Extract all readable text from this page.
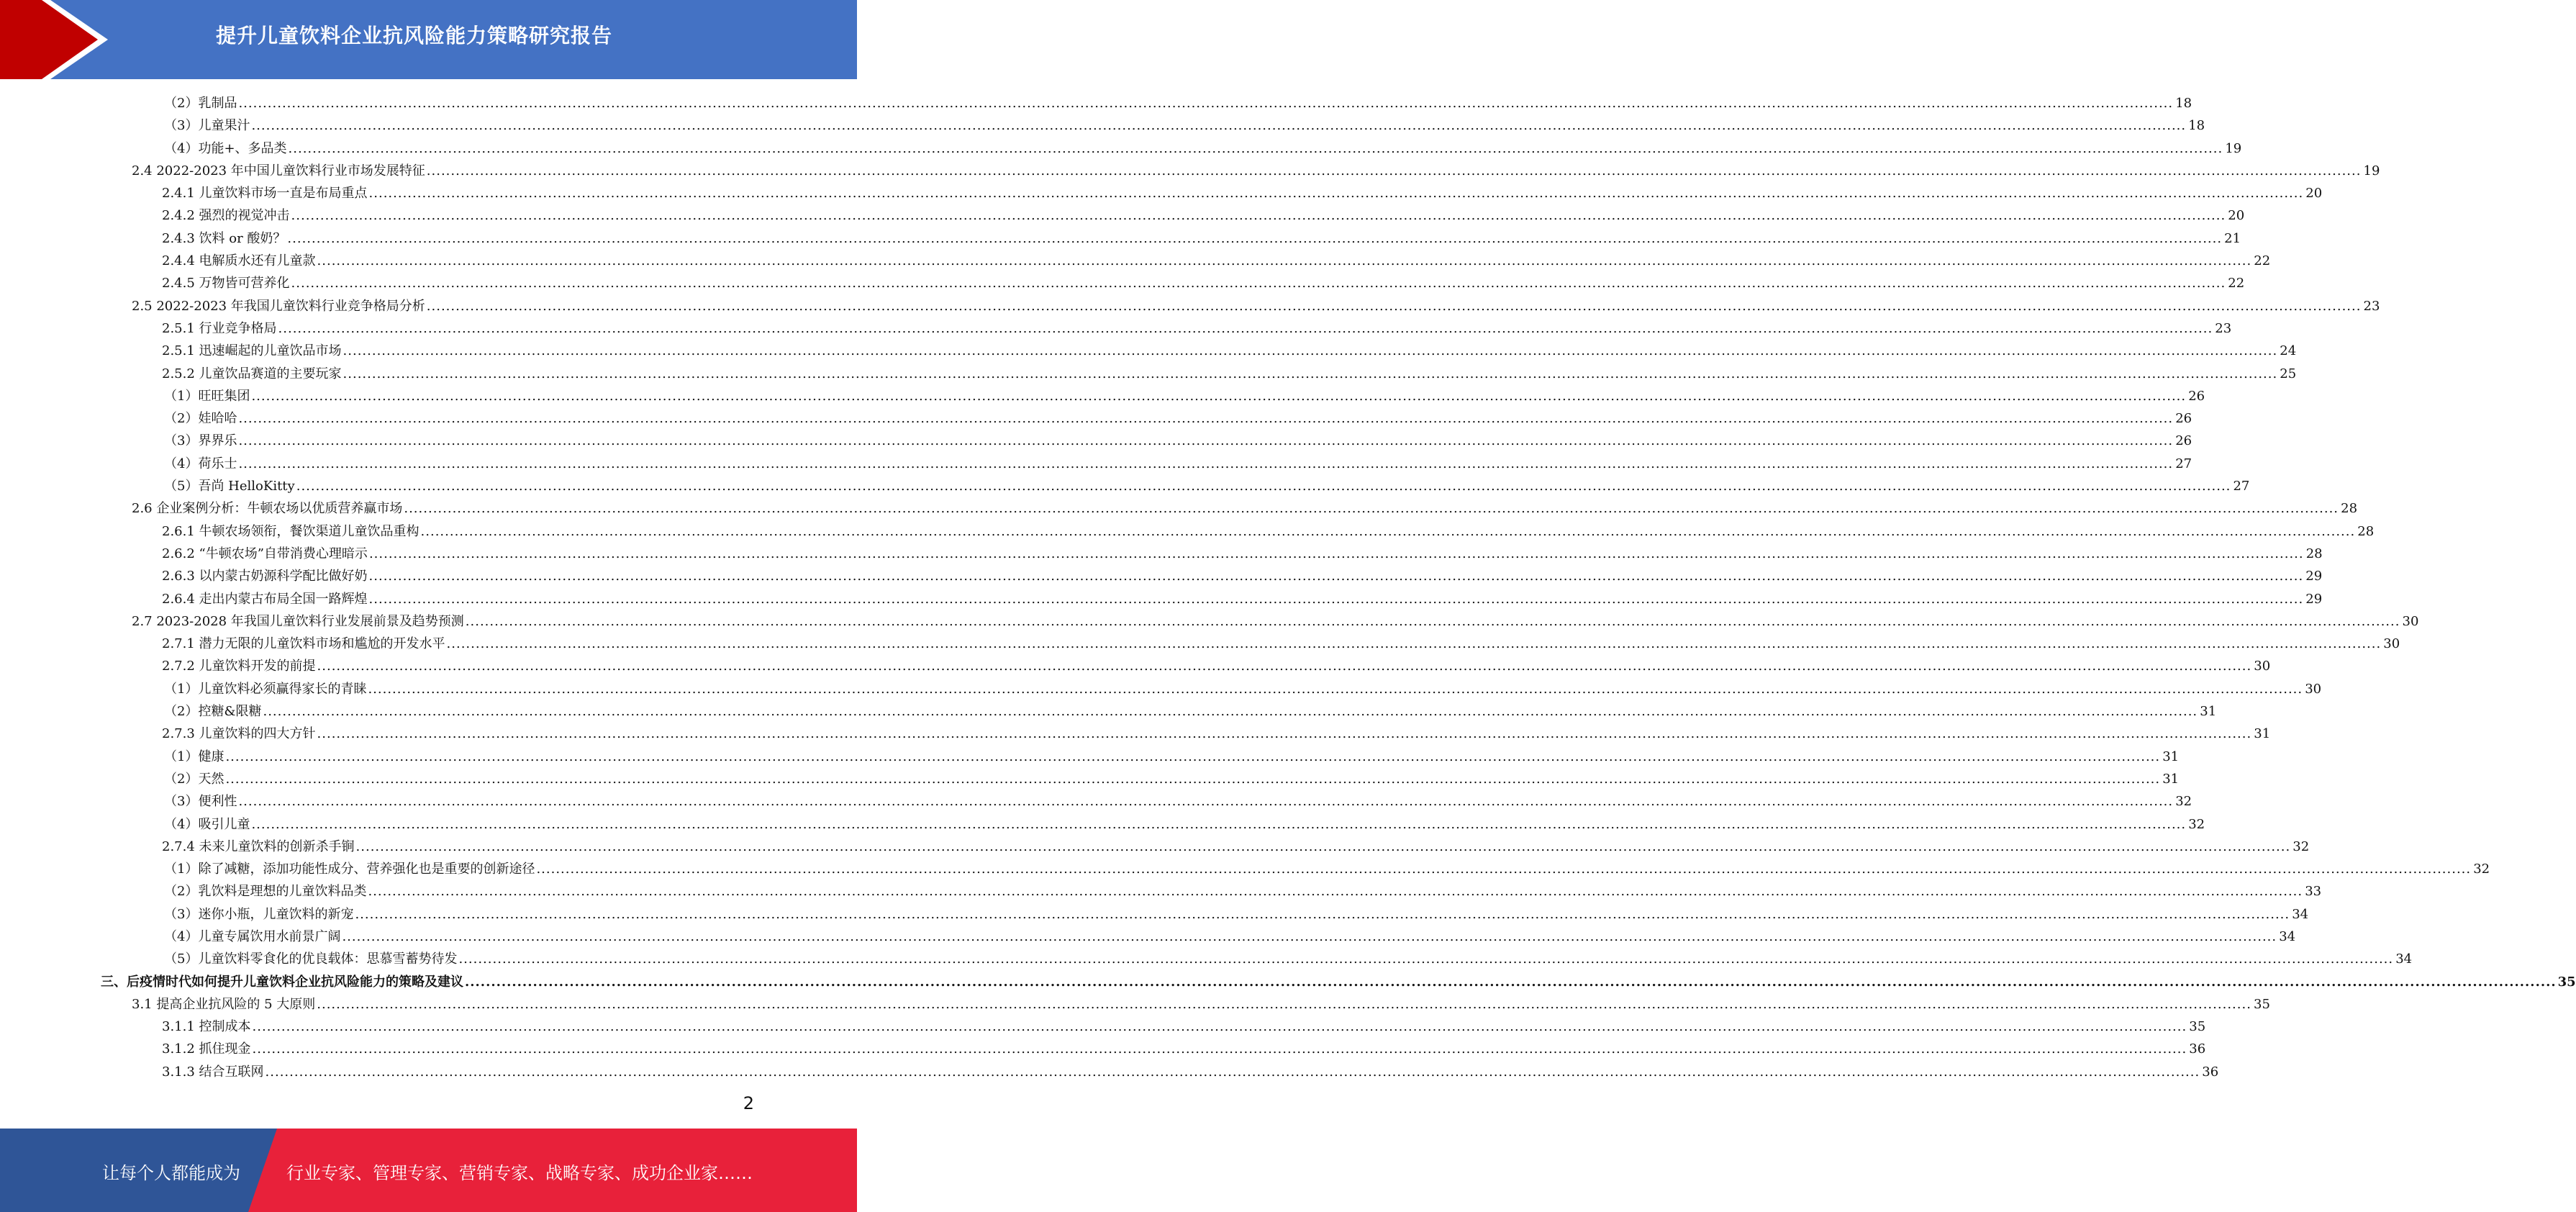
提升儿童饮料企业抗风险能力策略研究报告
（2）乳制品 ................................................................................................................................................................................................................................................................................................................................................................................................................ 18
（3）儿童果汁 ................................................................................................................................................................................................................................................................................................................................................................................................................ 18
（4）功能+、多品类 ................................................................................................................................................................................................................................................................................................................................................................................................................ 19
2.4 2022-2023 年中国儿童饮料行业市场发展特征 ................................................................................................................................................................................................................................................................................................................................................................................................................ 19
2.4.1 儿童饮料市场一直是布局重点 ................................................................................................................................................................................................................................................................................................................................................................................................................ 20
2.4.2 强烈的视觉冲击 ................................................................................................................................................................................................................................................................................................................................................................................................................ 20
2.4.3 饮料 or 酸奶？ ................................................................................................................................................................................................................................................................................................................................................................................................................ 21
2.4.4 电解质水还有儿童款 ................................................................................................................................................................................................................................................................................................................................................................................................................ 22
2.4.5 万物皆可营养化 ................................................................................................................................................................................................................................................................................................................................................................................................................ 22
2.5 2022-2023 年我国儿童饮料行业竞争格局分析 ................................................................................................................................................................................................................................................................................................................................................................................................................ 23
2.5.1 行业竞争格局 ................................................................................................................................................................................................................................................................................................................................................................................................................ 23
2.5.1 迅速崛起的儿童饮品市场 ................................................................................................................................................................................................................................................................................................................................................................................................................ 24
2.5.2 儿童饮品赛道的主要玩家 ................................................................................................................................................................................................................................................................................................................................................................................................................ 25
（1）旺旺集团 ................................................................................................................................................................................................................................................................................................................................................................................................................ 26
（2）娃哈哈 ................................................................................................................................................................................................................................................................................................................................................................................................................ 26
（3）界界乐 ................................................................................................................................................................................................................................................................................................................................................................................................................ 26
（4）荷乐士 ................................................................................................................................................................................................................................................................................................................................................................................................................ 27
（5）吾尚 HelloKitty ................................................................................................................................................................................................................................................................................................................................................................................................................ 27
2.6 企业案例分析：牛顿农场以优质营养赢市场 ................................................................................................................................................................................................................................................................................................................................................................................................................ 28
2.6.1 牛顿农场领衔，餐饮渠道儿童饮品重构 ................................................................................................................................................................................................................................................................................................................................................................................................................ 28
2.6.2 “牛顿农场”自带消费心理暗示 ................................................................................................................................................................................................................................................................................................................................................................................................................ 28
2.6.3 以内蒙古奶源科学配比做好奶 ................................................................................................................................................................................................................................................................................................................................................................................................................ 29
2.6.4 走出内蒙古布局全国一路辉煌 ................................................................................................................................................................................................................................................................................................................................................................................................................ 29
2.7 2023-2028 年我国儿童饮料行业发展前景及趋势预测 ................................................................................................................................................................................................................................................................................................................................................................................................................ 30
2.7.1 潜力无限的儿童饮料市场和尴尬的开发水平 ................................................................................................................................................................................................................................................................................................................................................................................................................ 30
2.7.2 儿童饮料开发的前提 ................................................................................................................................................................................................................................................................................................................................................................................................................ 30
（1）儿童饮料必须赢得家长的青睐 ................................................................................................................................................................................................................................................................................................................................................................................................................ 30
（2）控糖&限糖 ................................................................................................................................................................................................................................................................................................................................................................................................................ 31
2.7.3 儿童饮料的四大方针 ................................................................................................................................................................................................................................................................................................................................................................................................................ 31
（1）健康 ................................................................................................................................................................................................................................................................................................................................................................................................................ 31
（2）天然 ................................................................................................................................................................................................................................................................................................................................................................................................................ 31
（3）便利性 ................................................................................................................................................................................................................................................................................................................................................................................................................ 32
（4）吸引儿童 ................................................................................................................................................................................................................................................................................................................................................................................................................ 32
2.7.4 未来儿童饮料的创新杀手锏 ................................................................................................................................................................................................................................................................................................................................................................................................................ 32
（1）除了减糖，添加功能性成分、营养强化也是重要的创新途径 ................................................................................................................................................................................................................................................................................................................................................................................................................ 32
（2）乳饮料是理想的儿童饮料品类 ................................................................................................................................................................................................................................................................................................................................................................................................................ 33
（3）迷你小瓶，儿童饮料的新宠 ................................................................................................................................................................................................................................................................................................................................................................................................................ 34
（4）儿童专属饮用水前景广阔 ................................................................................................................................................................................................................................................................................................................................................................................................................ 34
（5）儿童饮料零食化的优良载体：思慕雪蓄势待发 ................................................................................................................................................................................................................................................................................................................................................................................................................ 34
三、后疫情时代如何提升儿童饮料企业抗风险能力的策略及建议 ................................................................................................................................................................................................................................................................................................................................................................................................................ 35
3.1 提高企业抗风险的 5 大原则 ................................................................................................................................................................................................................................................................................................................................................................................................................ 35
3.1.1 控制成本 ................................................................................................................................................................................................................................................................................................................................................................................................................ 35
3.1.2 抓住现金 ................................................................................................................................................................................................................................................................................................................................................................................................................ 36
3.1.3 结合互联网 ................................................................................................................................................................................................................................................................................................................................................................................................................ 36
2
让每个人都能成为	行业专家、管理专家、营销专家、战略专家、成功企业家……
